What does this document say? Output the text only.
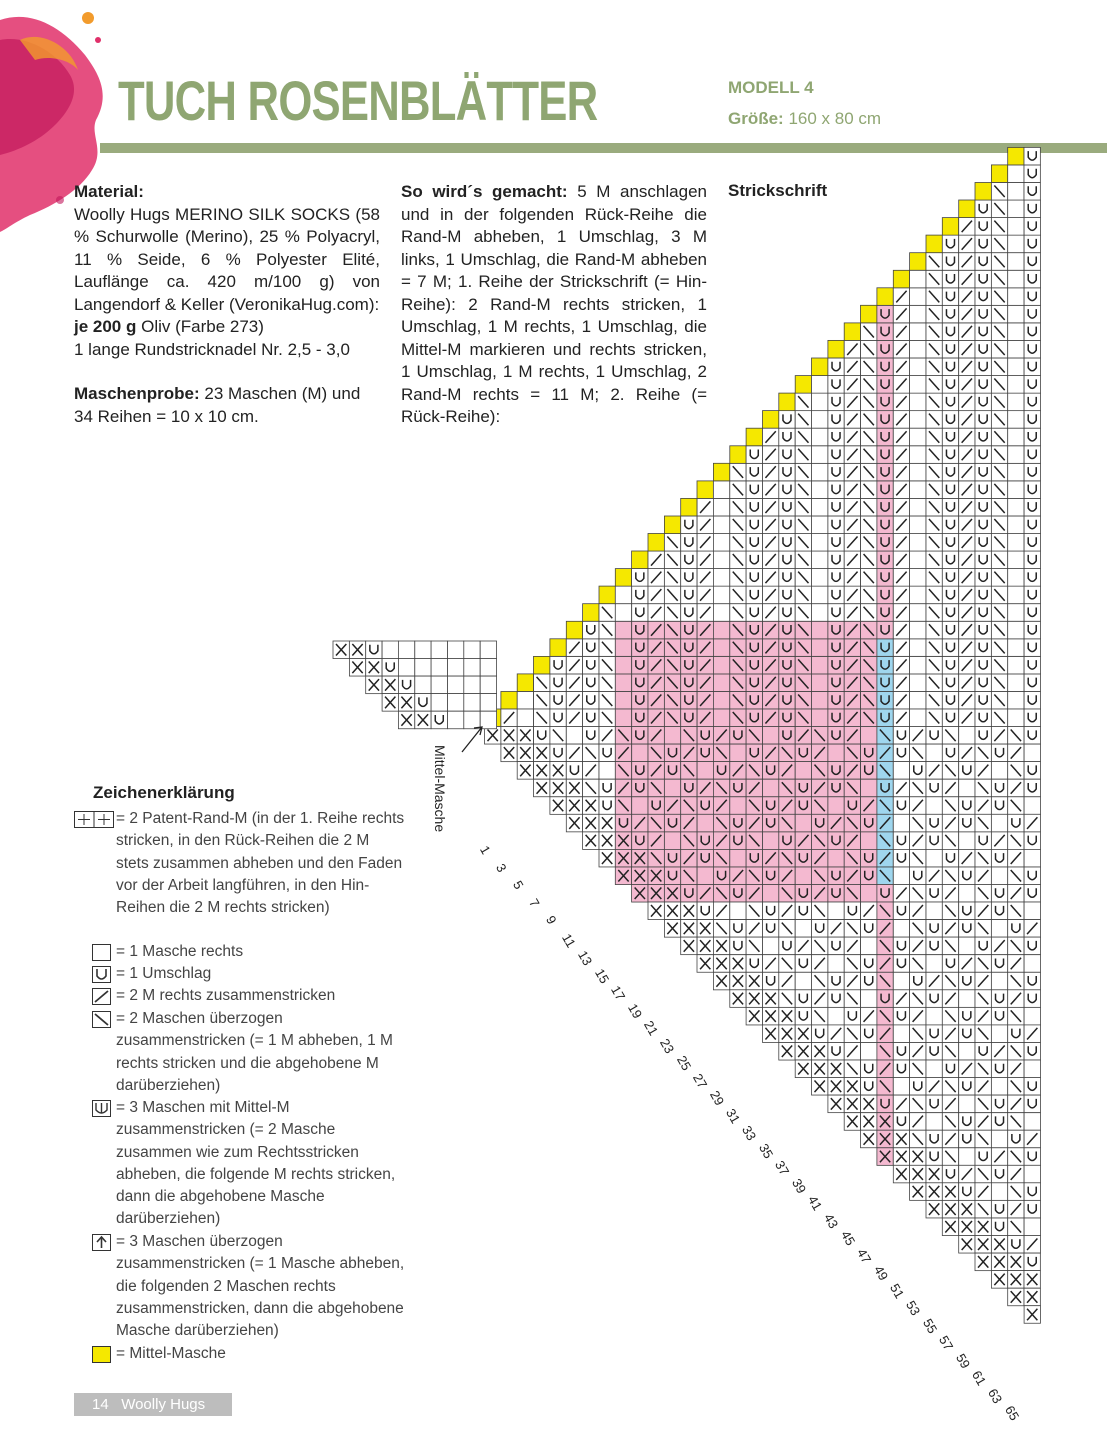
TUCH ROSENBLÄTTER	MODELL 4
Größe: 160 x 80 cm

Material:

Woolly Hugs MERINO SILK SOCKS (58 % Schurwolle (Merino), 25 % Polyacryl, 11 % Seide, 6 % Polyester Elité, Lauflänge ca. 420 m/100 g) von Langendorf & Keller (VeronikaHug.com):

je 200 g Oliv (Farbe 273)

1 lange Rundstricknadel Nr. 2,5 - 3,0

Maschenprobe: 23 Maschen (M) und 34 Reihen = 10 x 10 cm.

So wird´s gemacht: 5 M anschlagen und in der folgenden Rück-Reihe die Rand-M abheben, 1 Umschlag, 3 M links, 1 Umschlag, die Rand-M abheben = 7 M; 1. Reihe der Strickschrift (= Hin-Reihe): 2 Rand-M rechts stricken, 1 Umschlag, 1 M rechts, 1 Umschlag, die Mittel-M markieren und rechts stricken, 1 Umschlag, 1 M rechts, 1 Umschlag, 2 Rand-M rechts = 11 M; 2. Reihe (= Rück-Reihe):

Strickschrift
Mittel-Masche
1
3
5
7
9
11
13
15
17
19
21
23
25
27
29
31
33
35
37
39
41
43
45
47
49
51
53
55
57
59
61
63
65
Zeichenerklärung
= 2 Patent-Rand-M (in der 1. Reihe rechts stricken, in den Rück-Reihen die 2 M stets zusammen abheben und den Faden vor der Arbeit langführen, in den Hin-Reihen die 2 M rechts stricken)
= 1 Masche rechts
= 1 Umschlag
= 2 M rechts zusammenstricken
= 2 Maschen überzogen zusammenstricken (= 1 M abheben, 1 M rechts stricken und die abgehobene M darüberziehen)
= 3 Maschen mit Mittel-M zusammenstricken (= 2 Masche zusammen wie zum Rechtsstricken abheben, die folgende M rechts stricken, dann die abgehobene Masche darüberziehen)
= 3 Maschen überzogen zusammenstricken (= 1 Masche abheben, die folgenden 2 Maschen rechts zusammenstricken, dann die abgehobene Masche darüberziehen)
= Mittel-Masche
14 Woolly Hugs
